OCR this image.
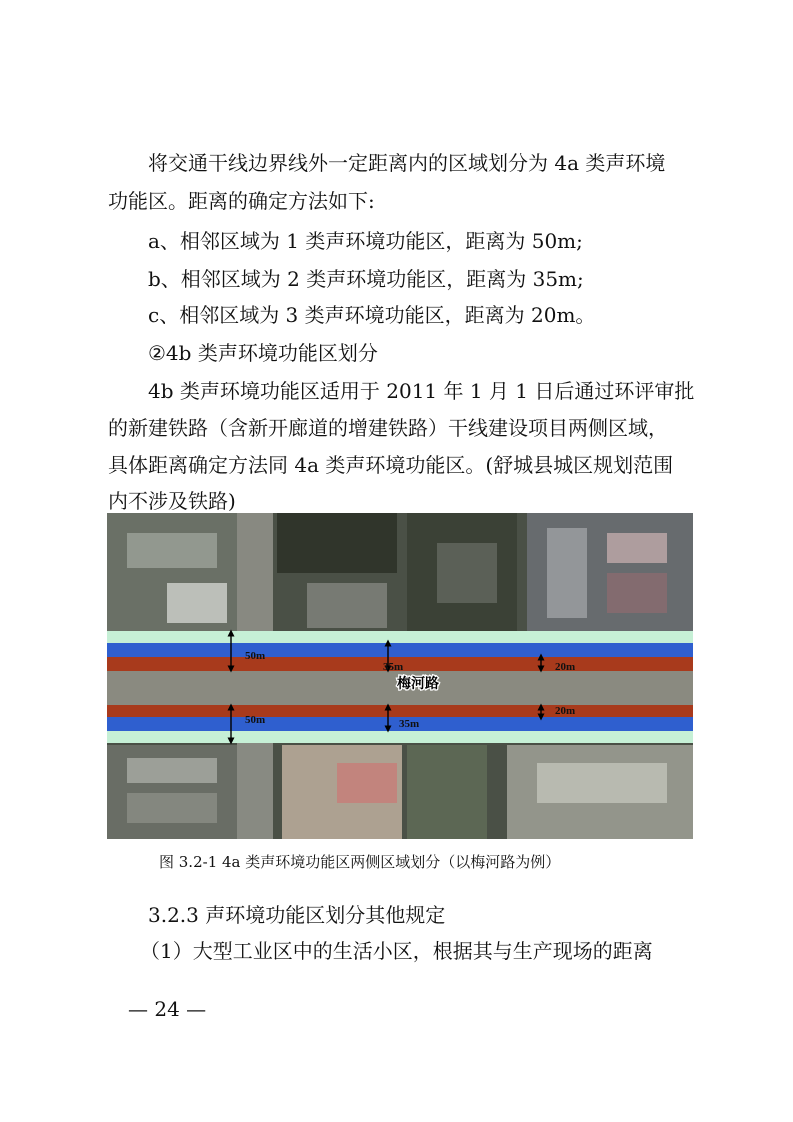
将交通干线边界线外一定距离内的区域划分为 4a 类声环境
功能区。距离的确定方法如下:
a、相邻区域为 1 类声环境功能区，距离为 50m;
b、相邻区域为 2 类声环境功能区，距离为 35m;
c、相邻区域为 3 类声环境功能区，距离为 20m。
②4b 类声环境功能区划分
4b 类声环境功能区适用于 2011 年 1 月 1 日后通过环评审批
的新建铁路（含新开廊道的增建铁路）干线建设项目两侧区域，
具体距离确定方法同 4a 类声环境功能区。(舒城县城区规划范围
内不涉及铁路)
50m
35m	20m
50m	35m
20m
梅河路
图 3.2-1 4a 类声环境功能区两侧区域划分（以梅河路为例）
3.2.3 声环境功能区划分其他规定
（1）大型工业区中的生活小区，根据其与生产现场的距离
— 24 —
